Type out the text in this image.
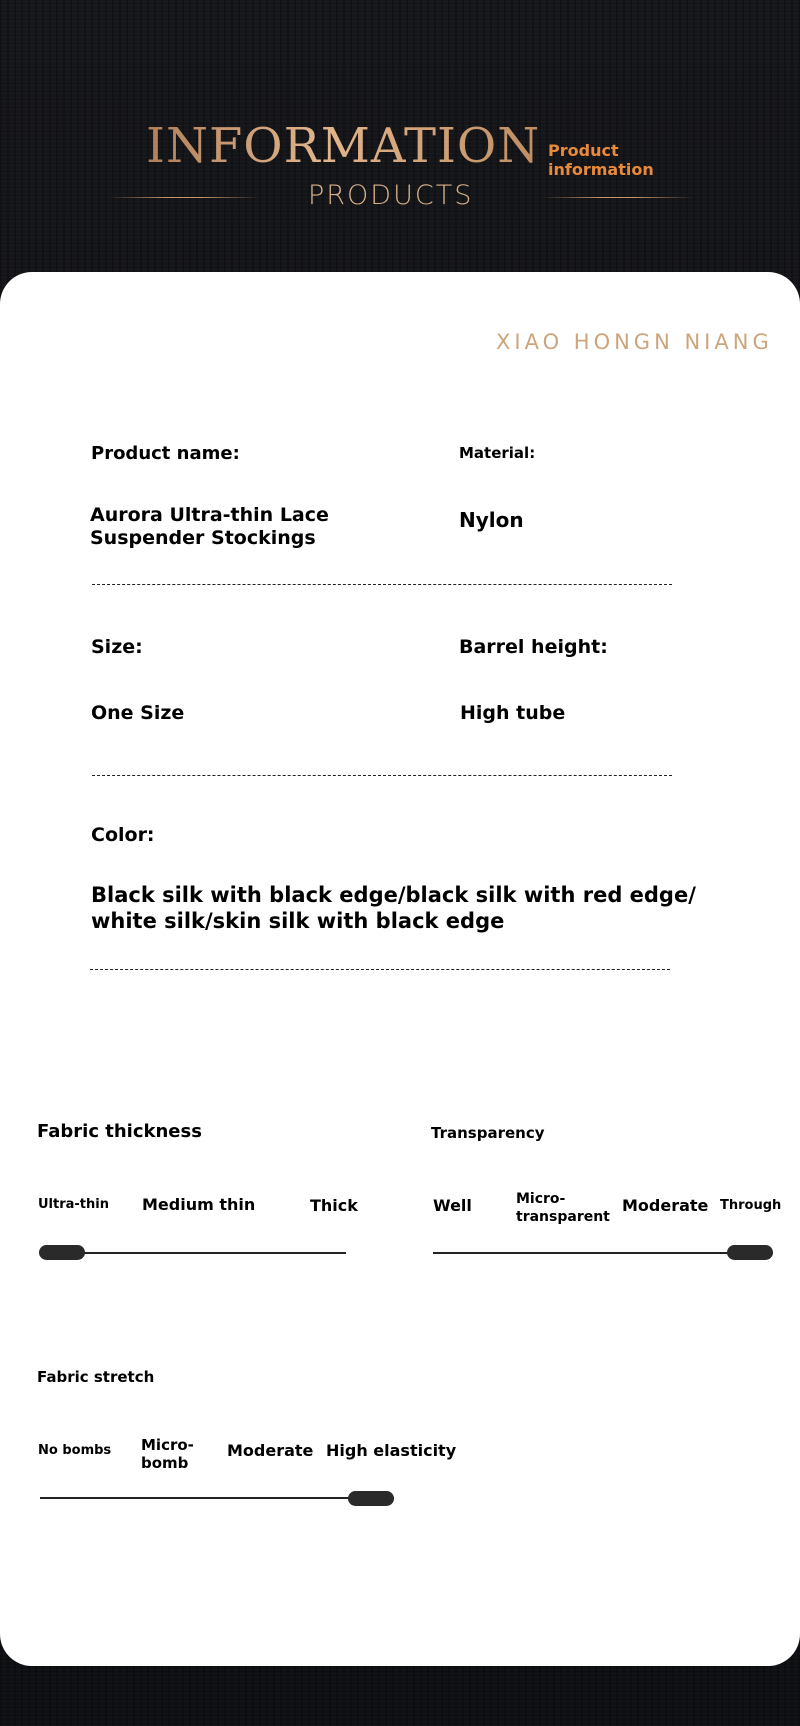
INFORMATION Product
information
PRODUCTS
XIAO HONGN NIANG
Product name:	Material:
Aurora Ultra-thin Lace
Suspender Stockings
Nylon
Size:	Barrel height:
One Size	High tube
Color:
Black silk with black edge/black silk with red edge/
white silk/skin silk with black edge
Fabric thickness
Ultra-thin Medium thin	Thick
Transparency
Well	Micro-
transparent
Moderate Through
Fabric stretch
No bombs Micro-
bomb
Moderate High elasticity
